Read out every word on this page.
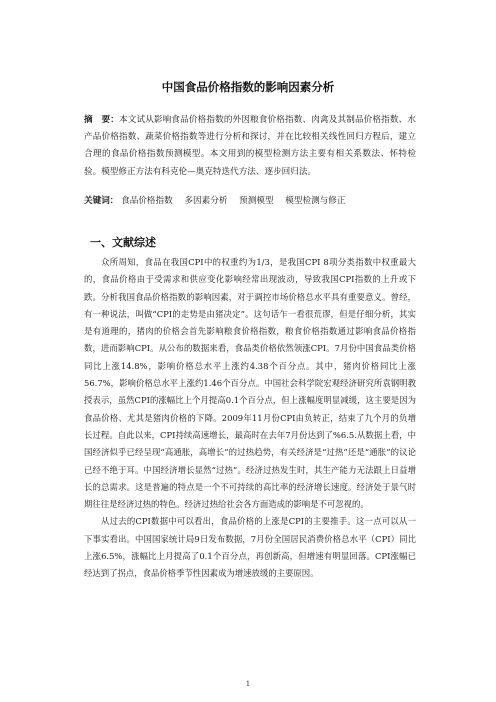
中国食品价格指数的影响因素分析
摘　要：本文试从影响食品价格指数的外因粮食价格指数、肉禽及其制品价格指数、水产品价格指数、蔬菜价格指数等进行分析和探讨，并在比较相关线性回归方程后，建立合理的食品价格指数预测模型。本文用到的模型检测方法主要有相关系数法、怀特检验。模型修正方法有科克伦—奥克特迭代方法、逐步回归法。
关键词： 食品价格指数 多因素分析 预测模型 模型检测与修正
一、文献综述

众所周知，食品在我国CPI中的权重约为1/3，是我国CPI 8项分类指数中权重最大的，食品价格由于受需求和供应变化影响经常出现波动，导致我国CPI指数的上升或下跌。分析我国食品价格指数的影响因素，对于调控市场价格总水平具有重要意义。曾经，有一种说法，叫做“CPI的走势是由猪决定”。这句话乍一看很荒谬，但是仔细分析，其实是有道理的，猪肉的价格会首先影响粮食价格指数，粮食价格指数通过影响食品价格指数，进而影响CPI。从公布的数据来看，食品类价格依然领涨CPI。7月份中国食品类价格同比上涨14.8%，影响价格总水平上涨约4.38个百分点。其中，猪肉价格同比上涨56.7%，影响价格总水平上涨约1.46个百分点。中国社会科学院宏观经济研究所袁钢明教授表示，虽然CPI的涨幅比上个月提高0.1个百分点，但上涨幅度明显减缓，这主要是因为食品价格、尤其是猪肉价格的下降。2009年11月份CPI由负转正，结束了九个月的负增长过程。自此以来，CPI持续高速增长，最高时在去年7月份达到了%6.5.从数据上看，中国经济似乎已经呈现“高通胀，高增长”的过热趋势，有关经济是“过热”还是“通胀”的议论已经不绝于耳。中国经济增长显然“过热”。经济过热发生时，其生产能力无法跟上日益增长的总需求。这是普遍的特点是一个不可持续的高比率的经济增长速度。经济处于景气时期往往是经济过热的特色。经济过热给社会各方面造成的影响是不可忽视的。

从过去的CPI数据中可以看出，食品价格的上涨是CPI的主要推手。这一点可以从一下事实看出。中国国家统计局9日发布数据，7月份全国居民消费价格总水平（CPI）同比上涨6.5%，涨幅比上月提高了0.1个百分点，再创新高，但增速有明显回落。CPI涨幅已经达到了拐点，食品价格季节性因素成为增速放缓的主要原因。

1
